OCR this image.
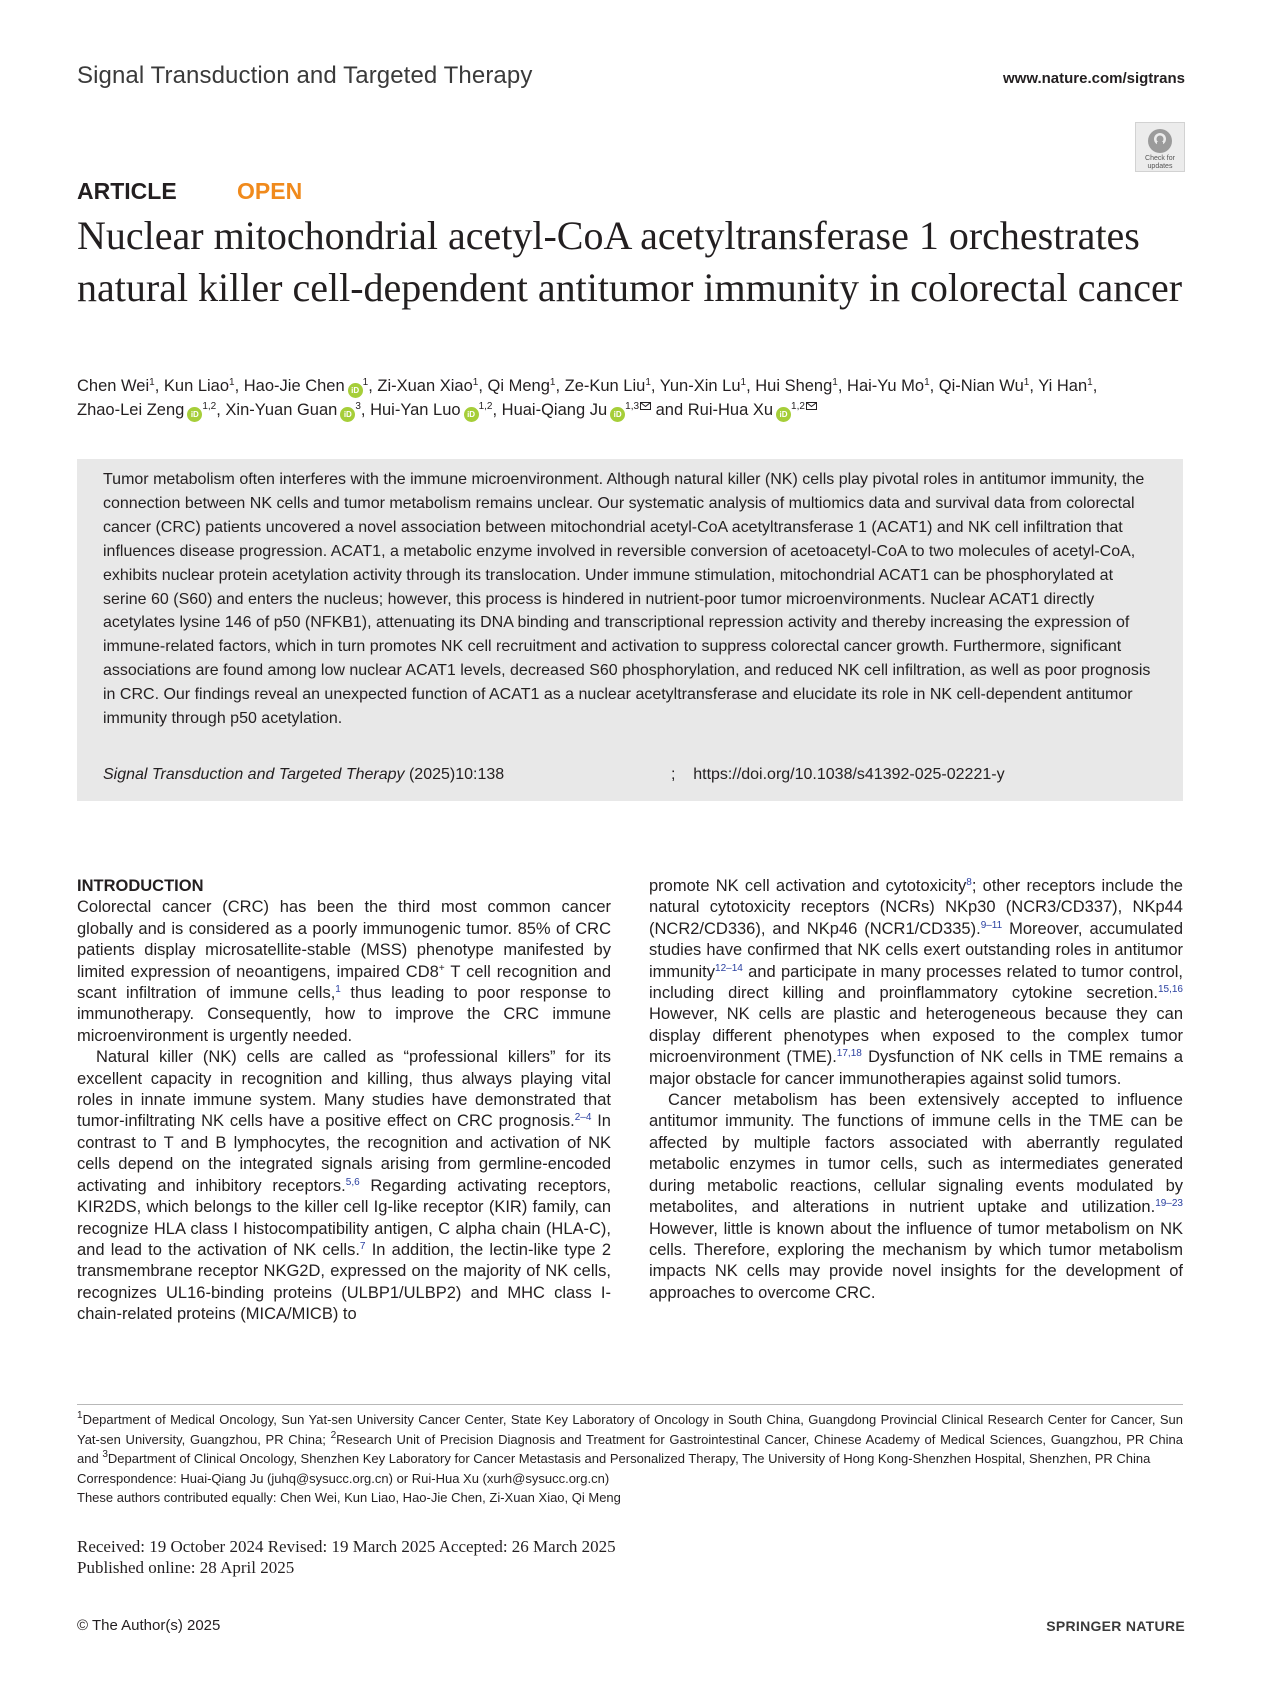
Signal Transduction and Targeted Therapy	www.nature.com/sigtrans
Check for updates
ARTICLE	OPEN
Nuclear mitochondrial acetyl-CoA acetyltransferase 1 orchestrates natural killer cell-dependent antitumor immunity in colorectal cancer
Chen Wei$^1$, Kun Liao$^1$, Hao-Jie Chen $iD^1$, Zi-Xuan Xiao$^1$, Qi Meng$^1$, Ze-Kun Liu$^1$, Yun-Xin Lu$^1$, Hui Sheng$^1$, Hai-Yu Mo$^1$, Qi-Nian Wu$^1$, Yi Han$^1$, Zhao-Lei Zeng iD$^{1,2}$, Xin-Yuan Guan $iD^3$, Hui-Yan Luo iD$^{1,2}$, Huai-Qiang Ju iD$^{1,3}$ and Rui-Hua Xu iD$^{1,2}$

Tumor metabolism often interferes with the immune microenvironment. Although natural killer (NK) cells play pivotal roles in antitumor immunity, the connection between NK cells and tumor metabolism remains unclear. Our systematic analysis of multiomics data and survival data from colorectal cancer (CRC) patients uncovered a novel association between mitochondrial acetyl-CoA acetyltransferase 1 (ACAT1) and NK cell infiltration that influences disease progression. ACAT1, a metabolic enzyme involved in reversible conversion of acetoacetyl-CoA to two molecules of acetyl-CoA, exhibits nuclear protein acetylation activity through its translocation. Under immune stimulation, mitochondrial ACAT1 can be phosphorylated at serine 60 (S60) and enters the nucleus; however, this process is hindered in nutrient-poor tumor microenvironments. Nuclear ACAT1 directly acetylates lysine 146 of p50 (NFKB1), attenuating its DNA binding and transcriptional repression activity and thereby increasing the expression of immune-related factors, which in turn promotes NK cell recruitment and activation to suppress colorectal cancer growth. Furthermore, significant associations are found among low nuclear ACAT1 levels, decreased S60 phosphorylation, and reduced NK cell infiltration, as well as poor prognosis in CRC. Our findings reveal an unexpected function of ACAT1 as a nuclear acetyltransferase and elucidate its role in NK cell-dependent antitumor immunity through p50 acetylation.

Signal Transduction and Targeted Therapy (2025)10:138	; https://doi.org/10.1038/s41392-025-02221-y
INTRODUCTION

Colorectal cancer (CRC) has been the third most common cancer globally and is considered as a poorly immunogenic tumor. 85% of CRC patients display microsatellite-stable (MSS) phenotype manifested by limited expression of neoantigens, impaired CD8+ T cell recognition and scant infiltration of immune cells,$^1$ thus leading to poor response to immunotherapy. Consequently, how to improve the CRC immune microenvironment is urgently needed.

Natural killer (NK) cells are called as “professional killers” for its excellent capacity in recognition and killing, thus always playing vital roles in innate immune system. Many studies have demonstrated that tumor-infiltrating NK cells have a positive effect on CRC prognosis.$^{2-4}$ In contrast to T and B lymphocytes, the recognition and activation of NK cells depend on the integrated signals arising from germline-encoded activating and inhibitory receptors.$^{5,6}$ Regarding activating receptors, KIR2DS, which belongs to the killer cell Ig-like receptor (KIR) family, can recognize HLA class I histocompatibility antigen, C alpha chain (HLA-C), and lead to the activation of NK cells.$^7$ In addition, the lectin-like type 2 transmembrane receptor NKG2D, expressed on the majority of NK cells, recognizes UL16-binding proteins (ULBP1/ULBP2) and MHC class I-chain-related proteins (MICA/MICB) to

promote NK cell activation and cytotoxicity$^8$; other receptors include the natural cytotoxicity receptors (NCRs) NKp30 (NCR3/CD337), NKp44 (NCR2/CD336), and NKp46 (NCR1/CD335).$^{9-11}$ Moreover, accumulated studies have confirmed that NK cells exert outstanding roles in antitumor immunity$^{12-14}$ and participate in many processes related to tumor control, including direct killing and proinflammatory cytokine secretion.$^{15,16}$ However, NK cells are plastic and heterogeneous because they can display different phenotypes when exposed to the complex tumor microenvironment (TME).$^{17,18}$ Dysfunction of NK cells in TME remains a major obstacle for cancer immunotherapies against solid tumors.

Cancer metabolism has been extensively accepted to influence antitumor immunity. The functions of immune cells in the TME can be affected by multiple factors associated with aberrantly regulated metabolic enzymes in tumor cells, such as intermediates generated during metabolic reactions, cellular signaling events modulated by metabolites, and alterations in nutrient uptake and utilization.$^{19-23}$ However, little is known about the influence of tumor metabolism on NK cells. Therefore, exploring the mechanism by which tumor metabolism impacts NK cells may provide novel insights for the development of approaches to overcome CRC.

$^1$Department of Medical Oncology, Sun Yat-sen University Cancer Center, State Key Laboratory of Oncology in South China, Guangdong Provincial Clinical Research Center for Cancer, Sun Yat-sen University, Guangzhou, PR China; $^2$Research Unit of Precision Diagnosis and Treatment for Gastrointestinal Cancer, Chinese Academy of Medical Sciences, Guangzhou, PR China and $^3$Department of Clinical Oncology, Shenzhen Key Laboratory for Cancer Metastasis and Personalized Therapy, The University of Hong Kong-Shenzhen Hospital, Shenzhen, PR China

Correspondence: Huai-Qiang Ju (juhq@sysucc.org.cn) or Rui-Hua Xu (xurh@sysucc.org.cn)

These authors contributed equally: Chen Wei, Kun Liao, Hao-Jie Chen, Zi-Xuan Xiao, Qi Meng

Received: 19 October 2024 Revised: 19 March 2025 Accepted: 26 March 2025

Published online: 28 April 2025

© The Author(s) 2025	SPRINGER NATURE
